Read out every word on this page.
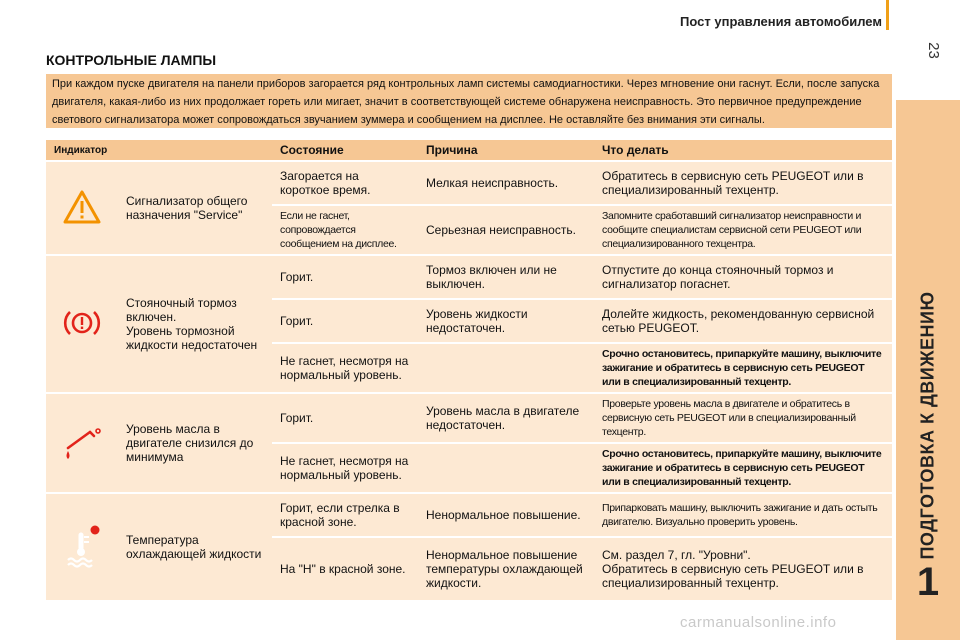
Пост управления автомобилем
23
ПОДГОТОВКА К ДВИЖЕНИЮ
1
КОНТРОЛЬНЫЕ ЛАМПЫ
При каждом пуске двигателя на панели приборов загорается ряд контрольных ламп системы самодиагностики. Через мгновение они гаснут. Если, после запуска двигателя, какая-либо из них продолжает гореть или мигает, значит в соответствующей системе обнаружена неисправность. Это первичное предупреждение светового сигнализатора может сопровождаться звучанием зуммера и сообщением на дисплее. Не оставляйте без внимания эти сигналы.
Индикатор		Состояние	Причина	Что делать
	Сигнализатор общего назначения "Service"	Загорается на короткое время.	Мелкая неисправность.	Обратитесь в сервисную сеть PEUGEOT или в специализированный техцентр.
		Если не гаснет, сопровождается сообщением на дисплее.	Серьезная неисправность.	Запомните сработавший сигнализатор неисправности и сообщите специалистам сервисной сети PEUGEOT или специализированного техцентра.
	Стояночный тормоз включен.
Уровень тормозной жидкости недостаточен	Горит.	Тормоз включен или не выключен.	Отпустите до конца стояночный тормоз и сигнализатор погаснет.
		Горит.	Уровень жидкости недостаточен.	Долейте жидкость, рекомендованную сервисной сетью PEUGEOT.
		Не гаснет, несмотря на нормальный уровень.		Срочно остановитесь, припаркуйте машину, выключите зажигание и обратитесь в сервисную сеть PEUGEOT или в специализированный техцентр.
	Уровень масла в двигателе снизился до минимума	Горит.	Уровень масла в двигателе недостаточен.	Проверьте уровень масла в двигателе и обратитесь в сервисную сеть PEUGEOT или в специализированный техцентр.
		Не гаснет, несмотря на нормальный уровень.		Срочно остановитесь, припаркуйте машину, выключите зажигание и обратитесь в сервисную сеть PEUGEOT или в специализированный техцентр.
	Температура охлаждающей жидкости	Горит, если стрелка в красной зоне.	Ненормальное повышение.	Припарковать машину, выключить зажигание и дать остыть двигателю. Визуально проверить уровень.
		На "Н" в красной зоне.	Ненормальное повышение температуры охлаждающей жидкости.	См. раздел 7, гл. "Уровни".
Обратитесь в сервисную сеть PEUGEOT или в специализированный техцентр.
carmanualsonline.info
